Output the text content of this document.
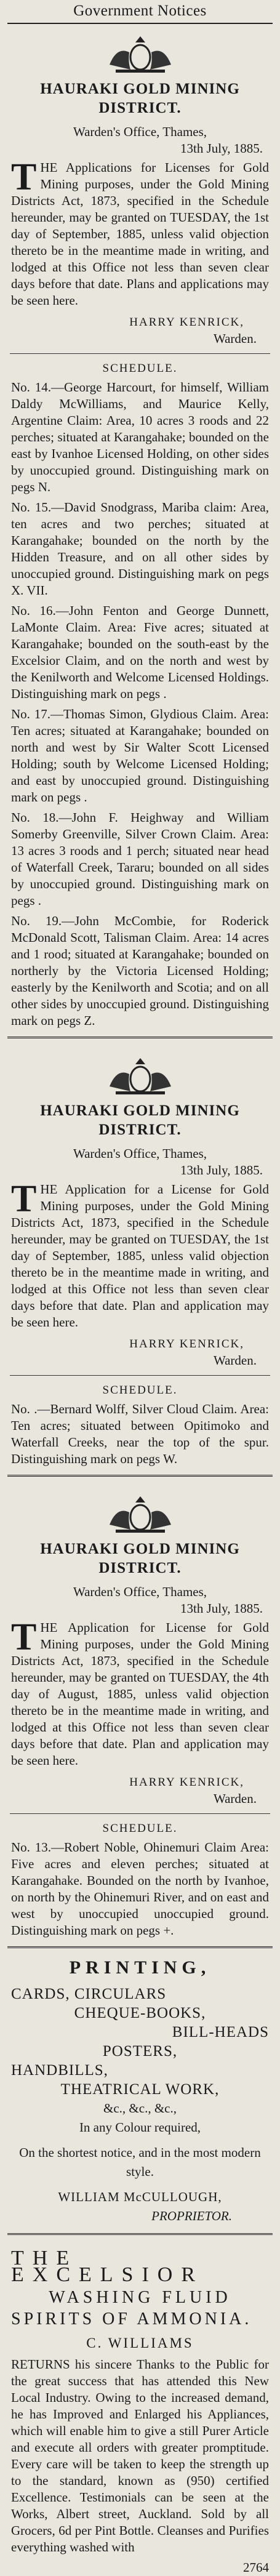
Government Notices
HAURAKI GOLD MINING DISTRICT.

Warden's Office, Thames,

13th July, 1885.

THE Applications for Licenses for Gold Mining purposes, under the Gold Mining Districts Act, 1873, specified in the Schedule hereunder, may be granted on TUESDAY, the 1st day of September, 1885, unless valid objection thereto be in the meantime made in writing, and lodged at this Office not less than seven clear days before that date. Plans and applications may be seen here.

HARRY KENRICK,

Warden.

SCHEDULE.

No. 14.—George Harcourt, for himself, William Daldy McWilliams, and Maurice Kelly, Argentine Claim: Area, 10 acres 3 roods and 22 perches; situated at Karangahake; bounded on the east by Ivanhoe Licensed Holding, on other sides by unoccupied ground. Distinguishing mark on pegs N.

No. 15.—David Snodgrass, Mariba claim: Area, ten acres and two perches; situated at Karangahake; bounded on the north by the Hidden Treasure, and on all other sides by unoccupied ground. Distinguishing mark on pegs X. VII.

No. 16.—John Fenton and George Dunnett, LaMonte Claim. Area: Five acres; situated at Karangahake; bounded on the south-east by the Excelsior Claim, and on the north and west by the Kenilworth and Welcome Licensed Holdings. Distinguishing mark on pegs .

No. 17.—Thomas Simon, Glydious Claim. Area: Ten acres; situated at Karangahake; bounded on north and west by Sir Walter Scott Licensed Holding; south by Welcome Licensed Holding; and east by unoccupied ground. Distinguishing mark on pegs .

No. 18.—John F. Heighway and William Somerby Greenville, Silver Crown Claim. Area: 13 acres 3 roods and 1 perch; situated near head of Waterfall Creek, Tararu; bounded on all sides by unoccupied ground. Distinguishing mark on pegs .

No. 19.—John McCombie, for Roderick McDonald Scott, Talisman Claim. Area: 14 acres and 1 rood; situated at Karangahake; bounded on northerly by the Victoria Licensed Holding; easterly by the Kenilworth and Scotia; and on all other sides by unoccupied ground. Distinguishing mark on pegs Z.

HAURAKI GOLD MINING DISTRICT.

Warden's Office, Thames,

13th July, 1885.

THE Application for a License for Gold Mining purposes, under the Gold Mining Districts Act, 1873, specified in the Schedule hereunder, may be granted on TUESDAY, the 1st day of September, 1885, unless valid objection thereto be in the meantime made in writing, and lodged at this Office not less than seven clear days before that date. Plan and application may be seen here.

HARRY KENRICK,

Warden.

SCHEDULE.

No. .—Bernard Wolff, Silver Cloud Claim. Area: Ten acres; situated between Opitimoko and Waterfall Creeks, near the top of the spur. Distinguishing mark on pegs W.

HAURAKI GOLD MINING DISTRICT.

Warden's Office, Thames,

13th July, 1885.

THE Application for License for Gold Mining purposes, under the Gold Mining Districts Act, 1873, specified in the Schedule hereunder, may be granted on TUESDAY, the 4th day of August, 1885, unless valid objection thereto be in the meantime made in writing, and lodged at this Office not less than seven clear days before that date. Plan and application may be seen here.

HARRY KENRICK,

Warden.

SCHEDULE.

No. 13.—Robert Noble, Ohinemuri Claim Area: Five acres and eleven perches; situated at Karangahake. Bounded on the north by Ivanhoe, on north by the Ohinemuri River, and on east and west by unoccupied unoccupied ground. Distinguishing mark on pegs +.

PRINTING,

CARDS, CIRCULARS

CHEQUE-BOOKS,

BILL-HEADS

POSTERS,

HANDBILLS,

THEATRICAL WORK,

&c., &c., &c.,

In any Colour required,

On the shortest notice, and in the most modern style.

WILLIAM McCULLOUGH,

PROPRIETOR.

THE EXCELSIOR

WASHING FLUID

SPIRITS OF AMMONIA.

C. WILLIAMS

RETURNS his sincere Thanks to the Public for the great success that has attended this New Local Industry. Owing to the increased demand, he has Improved and Enlarged his Appliances, which will enable him to give a still Purer Article and execute all orders with greater promptitude. Every care will be taken to keep the strength up to the standard, known as (950) certified Excellence. Testimonials can be seen at the Works, Albert street, Auckland. Sold by all Grocers, 6d per Pint Bottle. Cleanses and Purifies everything washed with

2764
